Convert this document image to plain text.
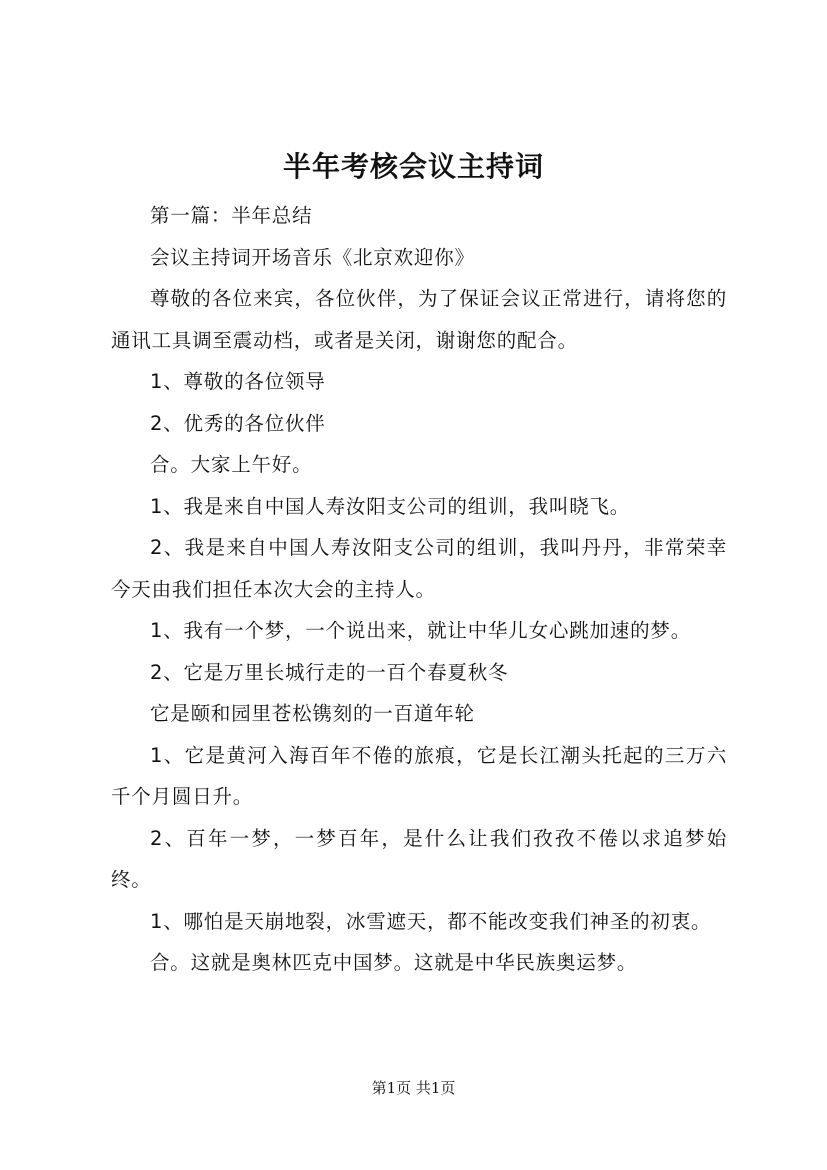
半年考核会议主持词

第一篇：半年总结

会议主持词开场音乐《北京欢迎你》

尊敬的各位来宾，各位伙伴，为了保证会议正常进行，请将您的通讯工具调至震动档，或者是关闭，谢谢您的配合。

1、尊敬的各位领导

2、优秀的各位伙伴

合。大家上午好。

1、我是来自中国人寿汝阳支公司的组训，我叫晓飞。

2、我是来自中国人寿汝阳支公司的组训，我叫丹丹，非常荣幸今天由我们担任本次大会的主持人。

1、我有一个梦，一个说出来，就让中华儿女心跳加速的梦。

2、它是万里长城行走的一百个春夏秋冬

它是颐和园里苍松镌刻的一百道年轮

1、它是黄河入海百年不倦的旅痕，它是长江潮头托起的三万六千个月圆日升。

2、百年一梦，一梦百年，是什么让我们孜孜不倦以求追梦始终。

1、哪怕是天崩地裂，冰雪遮天，都不能改变我们神圣的初衷。

合。这就是奥林匹克中国梦。这就是中华民族奥运梦。

第1页 共1页
